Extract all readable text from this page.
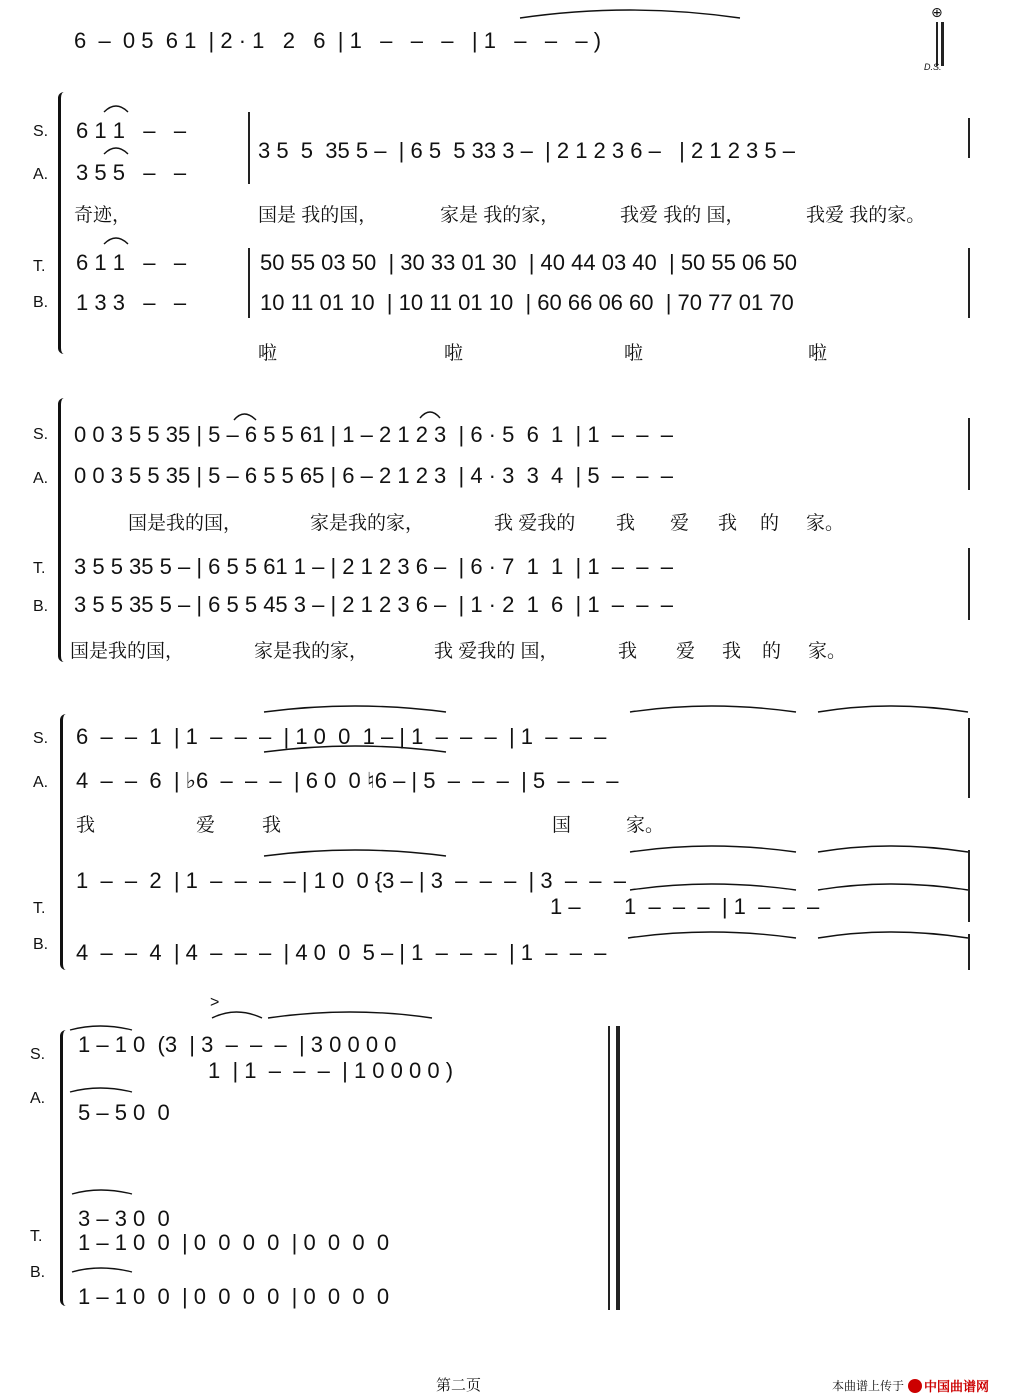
6  –  0 5  6 1  | 2 · 1   2   6  | 1   –   –   –   | 1   –   –   – )
⊕
D.S.
S.
A.
T.
B.
6 1 1   –   –
3 5 5   –   –
3 5  5  35 5 –  | 6 5  5 33 3 –  | 2 1 2 3 6 –   | 2 1 2 3 5 –
6 1 1   –   –
1 3 3   –   –
50 55 03 50  | 30 33 01 30  | 40 44 03 40  | 50 55 06 50
10 11 01 10  | 10 11 01 10  | 60 66 06 60  | 70 77 01 70
奇迹，	国是 我的国，	家是 我的家，	我爱 我的 国，	我爱 我的家。
啦	啦	啦	啦
S.
A.
T.
B.
0 0 3 5 5 35 | 5 – 6 5 5 61 | 1 – 2 1 2 3  | 6 · 5  6  1  | 1  –  –  –
0 0 3 5 5 35 | 5 – 6 5 5 65 | 6 – 2 1 2 3  | 4 · 3  3  4  | 5  –  –  –
国是我的国，	家是我的家，	我 爱我的 我 爱 我 的 家。
3 5 5 35 5 – | 6 5 5 61 1 – | 2 1 2 3 6 –  | 6 · 7  1  1  | 1  –  –  –
3 5 5 35 5 – | 6 5 5 45 3 – | 2 1 2 3 6 –  | 1 · 2  1  6  | 1  –  –  –
国是我的国，	家是我的家，	我 爱我的 国，	我 爱 我 的 家。
S.
A.
T.
B.
6  –  –  1  | 1  –  –  –  | 1 0  0  1 – | 1  –  –  –  | 1  –  –  –
4  –  –  6  | ♭6  –  –  –  | 6 0  0 ♮6 – | 5  –  –  –  | 5  –  –  –
我	爱 我	国	家。
1  –  –  2  | 1  –  –  –  – | 1 0  0 {3 – | 3  –  –  –  | 3  –  –  –
1 – 1  –  –  –  | 1  –  –  –
4  –  –  4  | 4  –  –  –  | 4 0  0  5 – | 1  –  –  –  | 1  –  –  –
S.
A.
T.
B.
>
1 – 1 0  (3  | 3  –  –  –  | 3 0 0 0 0
1  | 1  –  –  –  | 1 0 0 0 0 )
5 – 5 0  0
3 – 3 0  0
1 – 1 0  0  | 0  0  0  0  | 0  0  0  0
1 – 1 0  0  | 0  0  0  0  | 0  0  0  0
第二页	本曲谱上传于 中国曲谱网
